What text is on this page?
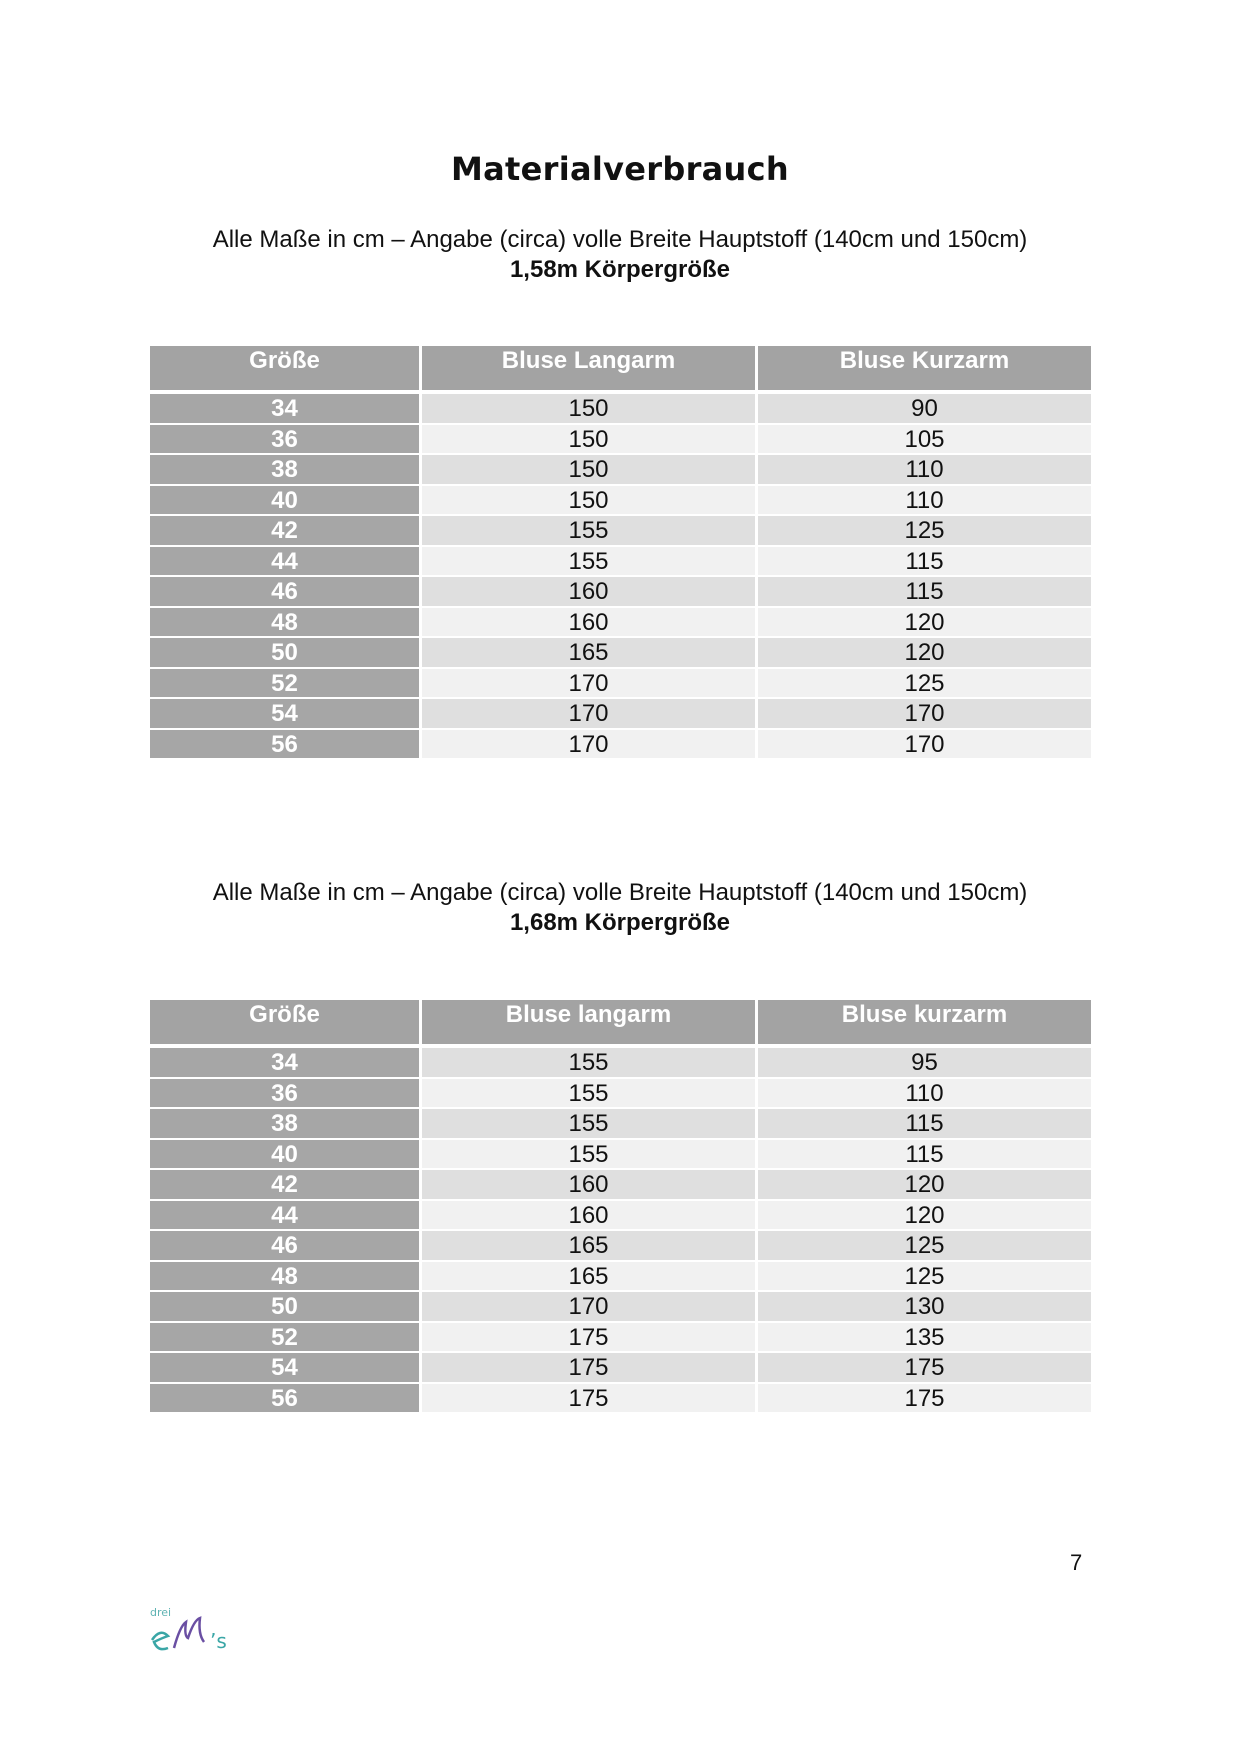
Materialverbrauch
Alle Maße in cm – Angabe (circa) volle Breite Hauptstoff (140cm und 150cm)
1,58m Körpergröße
Größe	Bluse Langarm	Bluse Kurzarm
34	150	90
36	150	105
38	150	110
40	150	110
42	155	125
44	155	115
46	160	115
48	160	120
50	165	120
52	170	125
54	170	170
56	170	170
Alle Maße in cm – Angabe (circa) volle Breite Hauptstoff (140cm und 150cm)
1,68m Körpergröße
Größe	Bluse langarm	Bluse kurzarm
34	155	95
36	155	110
38	155	115
40	155	115
42	160	120
44	160	120
46	165	125
48	165	125
50	170	130
52	175	135
54	175	175
56	175	175
7
drei
’s
